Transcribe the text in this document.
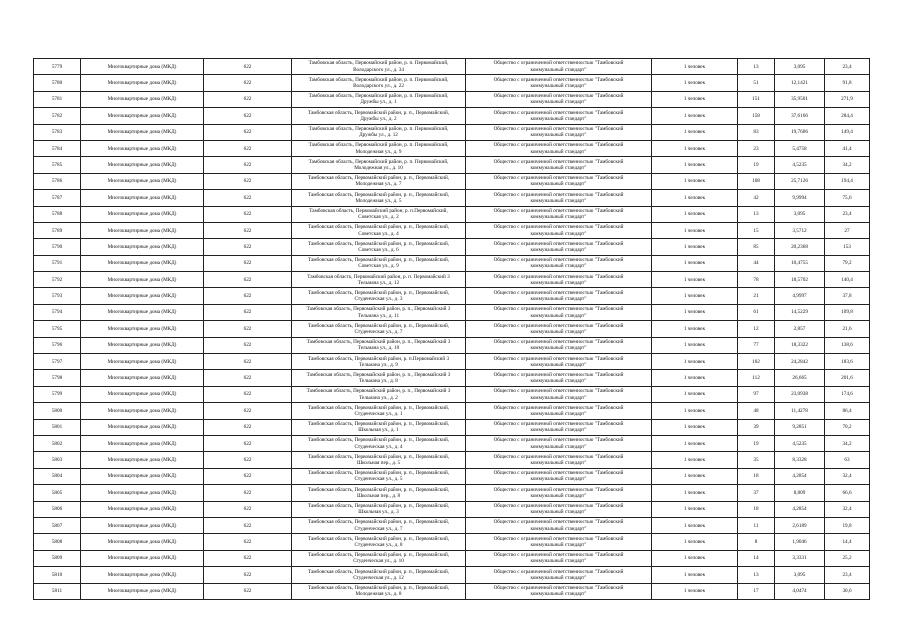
5779	Многоквартирные дома (МКД)	622	Тамбовская область, Первомайский район, р. п. Первомайский,
Володарского ул., д. 34	Общество с ограниченной ответственностью "Тамбовский
коммунальный стандарт"	1 человек	13	3,095	23,4
5780	Многоквартирные дома (МКД)	622	Тамбовская область, Первомайский район, р. п. Первомайский,
Володарского ул., д. 22	Общество с ограниченной ответственностью "Тамбовский
коммунальный стандарт"	1 человек	51	12,1421	91,8
5781	Многоквартирные дома (МКД)	622	Тамбовская область, Первомайский район, р. п. Первомайский,
Дружбы ул., д. 1	Общество с ограниченной ответственностью "Тамбовский
коммунальный стандарт"	1 человек	151	35,9501	271,9
5782	Многоквартирные дома (МКД)	622	Тамбовская область, Первомайский район, р. п., Первомайский,
Дружбы ул., д. 2	Общество с ограниченной ответственностью "Тамбовский
коммунальный стандарт"	1 человек	158	37,6166	284,4
5783	Многоквартирные дома (МКД)	622	Тамбовская область, Первомайский район, р. п. Первомайский,
Дружбы ул., д. 12	Общество с ограниченной ответственностью "Тамбовский
коммунальный стандарт"	1 человек	83	19,7606	149,4
5784	Многоквартирные дома (МКД)	622	Тамбовская область, Первомайский район, р. п. Первомайский,
Молодежная ул., д. 9	Общество с ограниченной ответственностью "Тамбовский
коммунальный стандарт"	1 человек	23	5,4758	41,4
5785	Многоквартирные дома (МКД)	622	Тамбовская область, Первомайский район, р. п. Первомайский,
Молодежная ул., д. 10	Общество с ограниченной ответственностью "Тамбовский
коммунальный стандарт"	1 человек	19	4,5235	34,2
5786	Многоквартирные дома (МКД)	622	Тамбовская область, Первомайский район, р. п., Первомайский,
Молодежная ул., д. 7	Общество с ограниченной ответственностью "Тамбовский
коммунальный стандарт"	1 человек	108	25,7126	194,4
5787	Многоквартирные дома (МКД)	622	Тамбовская область, Первомайский район, р. п., Первомайский,
Молодежная ул., д. 5	Общество с ограниченной ответственностью "Тамбовский
коммунальный стандарт"	1 человек	42	9,9994	75,6
5788	Многоквартирные дома (МКД)	622	Тамбовская область, Первомайский район, р. п.Первомайский,
Советская ул., д. 2	Общество с ограниченной ответственностью "Тамбовский
коммунальный стандарт"	1 человек	13	3,095	23,4
5789	Многоквартирные дома (МКД)	622	Тамбовская область, Первомайский район, р. п., Первомайский,
Советская ул., д. 4	Общество с ограниченной ответственностью "Тамбовский
коммунальный стандарт"	1 человек	15	3,5712	27
5790	Многоквартирные дома (МКД)	622	Тамбовская область, Первомайский район, р. п., Первомайский,
Советская ул., д. 6	Общество с ограниченной ответственностью "Тамбовский
коммунальный стандарт"	1 человек	85	20,2368	153
5791	Многоквартирные дома (МКД)	622	Тамбовская область, Первомайский район, р. п., Первомайский,
Советская ул., д. 9	Общество с ограниченной ответственностью "Тамбовский
коммунальный стандарт"	1 человек	44	10,4755	79,2
5792	Многоквартирные дома (МКД)	622	Тамбовская область, Первомайский район, р. п. Первомайский 3
Тельмана ул., д. 12	Общество с ограниченной ответственностью "Тамбовский
коммунальный стандарт"	1 человек	78	18,5702	140,4
5793	Многоквартирные дома (МКД)	622	Тамбовская область, Первомайский район, р. п., Первомайский,
Студенческая ул., д. 3	Общество с ограниченной ответственностью "Тамбовский
коммунальный стандарт"	1 человек	21	4,9997	37,8
5794	Многоквартирные дома (МКД)	622	Тамбовская область, Первомайский район, р. п., Первомайский 3
Тельмана ул., д. 11	Общество с ограниченной ответственностью "Тамбовский
коммунальный стандарт"	1 человек	61	14,5229	109,8
5795	Многоквартирные дома (МКД)	622	Тамбовская область, Первомайский район, р. п., Первомайский,
Студенческая ул., д. 7	Общество с ограниченной ответственностью "Тамбовский
коммунальный стандарт"	1 человек	12	2,857	21,6
5796	Многоквартирные дома (МКД)	622	Тамбовская область, Первомайский район, р. п., Первомайский 3
Тельмана ул., д. 10	Общество с ограниченной ответственностью "Тамбовский
коммунальный стандарт"	1 человек	77	18,3322	138,6
5797	Многоквартирные дома (МКД)	622	Тамбовская область, Первомайский район, р. п.Первомайский 3
Тельмана ул., д. 9	Общество с ограниченной ответственностью "Тамбовский
коммунальный стандарт"	1 человек	102	24,2842	183,6
5798	Многоквартирные дома (МКД)	622	Тамбовская область, Первомайский район, р. п., Первомайский 3
Тельмана ул., д. 8	Общество с ограниченной ответственностью "Тамбовский
коммунальный стандарт"	1 человек	112	26,665	201,6
5799	Многоквартирные дома (МКД)	622	Тамбовская область, Первомайский район, р. п., Первомайский 3
Тельмана ул., д. 2	Общество с ограниченной ответственностью "Тамбовский
коммунальный стандарт"	1 человек	97	23,0938	174,6
5800	Многоквартирные дома (МКД)	622	Тамбовская область, Первомайский район, р. п., Первомайский,
Студенческая ул., д. 1	Общество с ограниченной ответственностью "Тамбовский
коммунальный стандарт"	1 человек	48	11,4278	86,4
5801	Многоквартирные дома (МКД)	622	Тамбовская область, Первомайский район, р. п., Первомайский,
Школьная ул., д. 1	Общество с ограниченной ответственностью "Тамбовский
коммунальный стандарт"	1 человек	39	9,2851	70,2
5802	Многоквартирные дома (МКД)	622	Тамбовская область, Первомайский район, р. п., Первомайский,
Студенческая ул., д. 4	Общество с ограниченной ответственностью "Тамбовский
коммунальный стандарт"	1 человек	19	4,5235	34,2
5803	Многоквартирные дома (МКД)	622	Тамбовская область, Первомайский район, р. п., Первомайский,
Школьная пер., д. 5	Общество с ограниченной ответственностью "Тамбовский
коммунальный стандарт"	1 человек	35	8,3328	63
5804	Многоквартирные дома (МКД)	622	Тамбовская область, Первомайский район, р. п., Первомайский,
Студенческая ул., д. 5	Общество с ограниченной ответственностью "Тамбовский
коммунальный стандарт"	1 человек	18	4,2854	32,4
5805	Многоквартирные дома (МКД)	622	Тамбовская область, Первомайский район, р. п., Первомайский,
Школьная пер., д. 8	Общество с ограниченной ответственностью "Тамбовский
коммунальный стандарт"	1 человек	37	8,809	66,6
5806	Многоквартирные дома (МКД)	622	Тамбовская область, Первомайский район, р. п., Первомайский,
Школьная ул., д. 3	Общество с ограниченной ответственностью "Тамбовский
коммунальный стандарт"	1 человек	18	4,2854	32,4
5807	Многоквартирные дома (МКД)	622	Тамбовская область, Первомайский район, р. п., Первомайский,
Студенческая ул., д. 7	Общество с ограниченной ответственностью "Тамбовский
коммунальный стандарт"	1 человек	11	2,6189	19,8
5808	Многоквартирные дома (МКД)	622	Тамбовская область, Первомайский район, р. п., Первомайский,
Студенческая ул., д. 8	Общество с ограниченной ответственностью "Тамбовский
коммунальный стандарт"	1 человек	8	1,9046	14,4
5809	Многоквартирные дома (МКД)	622	Тамбовская область, Первомайский район, р. п., Первомайский,
Студенческая ул., д. 10	Общество с ограниченной ответственностью "Тамбовский
коммунальный стандарт"	1 человек	14	3,3331	25,2
5810	Многоквартирные дома (МКД)	622	Тамбовская область, Первомайский район, р. п., Первомайский,
Студенческая ул., д. 12	Общество с ограниченной ответственностью "Тамбовский
коммунальный стандарт"	1 человек	13	3,095	23,4
5811	Многоквартирные дома (МКД)	622	Тамбовская область, Первомайский район, р. п., Первомайский,
Молодежная ул., д. 8	Общество с ограниченной ответственностью "Тамбовский
коммунальный стандарт"	1 человек	17	4,0474	30,6
